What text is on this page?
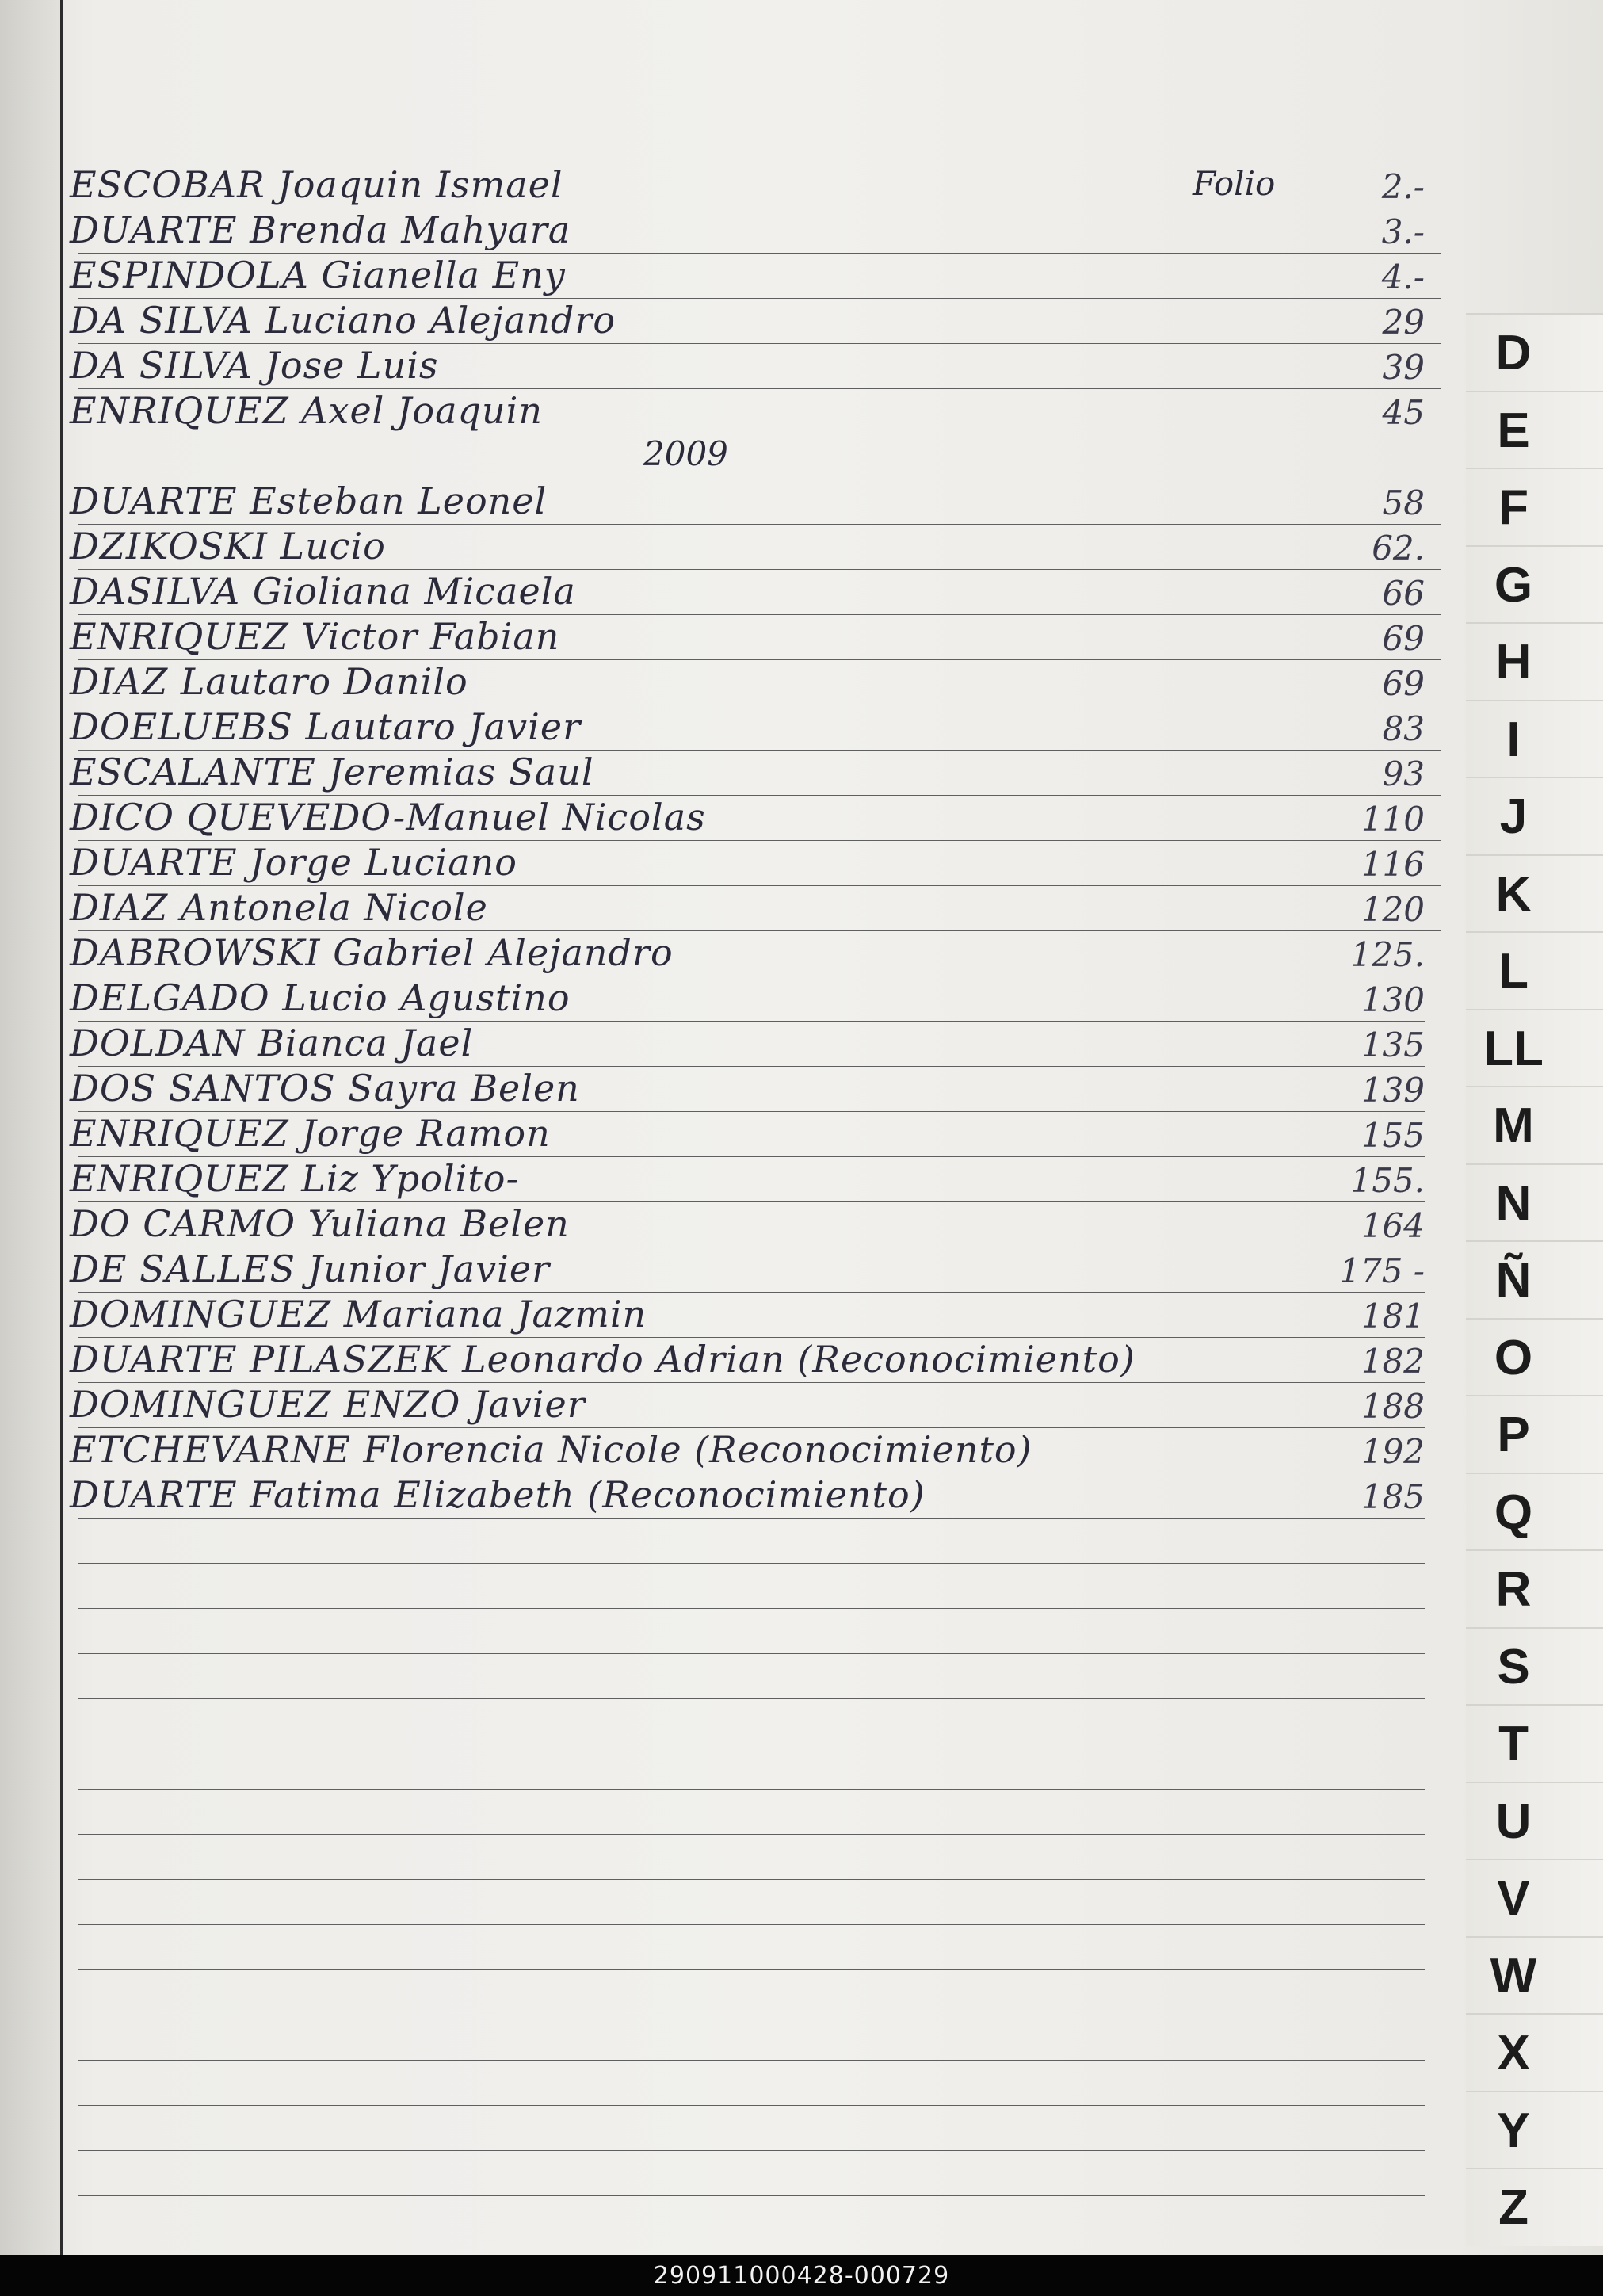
Folio
2009
ESCOBAR Joaquin Ismael	2.-
DUARTE Brenda Mahyara	3.-
ESPINDOLA Gianella Eny	4.-
DA SILVA Luciano Alejandro	29
DA SILVA Jose Luis	39
ENRIQUEZ Axel Joaquin	45
DUARTE Esteban Leonel	58
DZIKOSKI Lucio	62.
DASILVA Gioliana Micaela	66
ENRIQUEZ Victor Fabian	69
DIAZ Lautaro Danilo	69
DOELUEBS Lautaro Javier	83
ESCALANTE Jeremias Saul	93
DICO QUEVEDO-Manuel Nicolas	110
DUARTE Jorge Luciano	116
DIAZ Antonela Nicole	120
DABROWSKI Gabriel Alejandro	125.
DELGADO Lucio Agustino	130
DOLDAN Bianca Jael	135
DOS SANTOS Sayra Belen	139
ENRIQUEZ Jorge Ramon	155
ENRIQUEZ Liz Ypolito-	155.
DO CARMO Yuliana Belen	164
DE SALLES Junior Javier	175 -
DOMINGUEZ Mariana Jazmin	181
DUARTE PILASZEK Leonardo Adrian (Reconocimiento)	182
DOMINGUEZ ENZO Javier	188
ETCHEVARNE Florencia Nicole (Reconocimiento)	192
DUARTE Fatima Elizabeth (Reconocimiento)	185
D
E
F
G
H
I
J
K
L
LL
M
N
Ñ
O
P
Q
R
S
T
U
V
W
X
Y
Z
290911000428-000729
